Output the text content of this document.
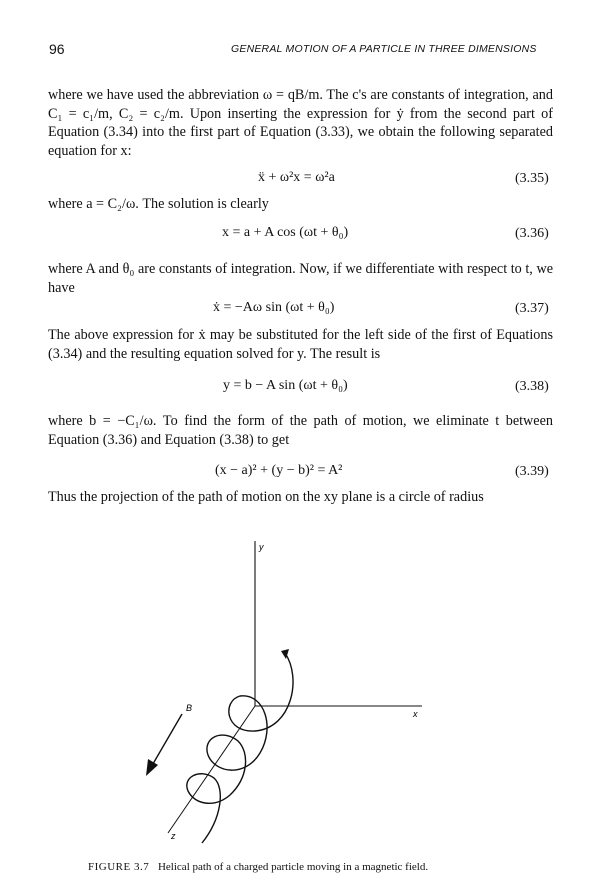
96	GENERAL MOTION OF A PARTICLE IN THREE DIMENSIONS

where we have used the abbreviation ω = qB/m. The c's are constants of integration, and C₁ = c₁/m, C₂ = c₂/m. Upon inserting the expression for ẏ from the second part of Equation (3.34) into the first part of Equation (3.33), we obtain the following separated equation for x:

ẍ + ω²x = ω²a	(3.35)

where a = C₂/ω. The solution is clearly

x = a + A cos (ωt + θ₀)	(3.36)

where A and θ₀ are constants of integration. Now, if we differentiate with respect to t, we have

ẋ = −Aω sin (ωt + θ₀)	(3.37)

The above expression for ẋ may be substituted for the left side of the first of Equations (3.34) and the resulting equation solved for y. The result is

y = b − A sin (ωt + θ₀)	(3.38)

where b = −C₁/ω. To find the form of the path of motion, we eliminate t between Equation (3.36) and Equation (3.38) to get

(x − a)² + (y − b)² = A²	(3.39)

Thus the projection of the path of motion on the xy plane is a circle of radius

y
x
z
B
FIGURE 3.7 Helical path of a charged particle moving in a magnetic field.
